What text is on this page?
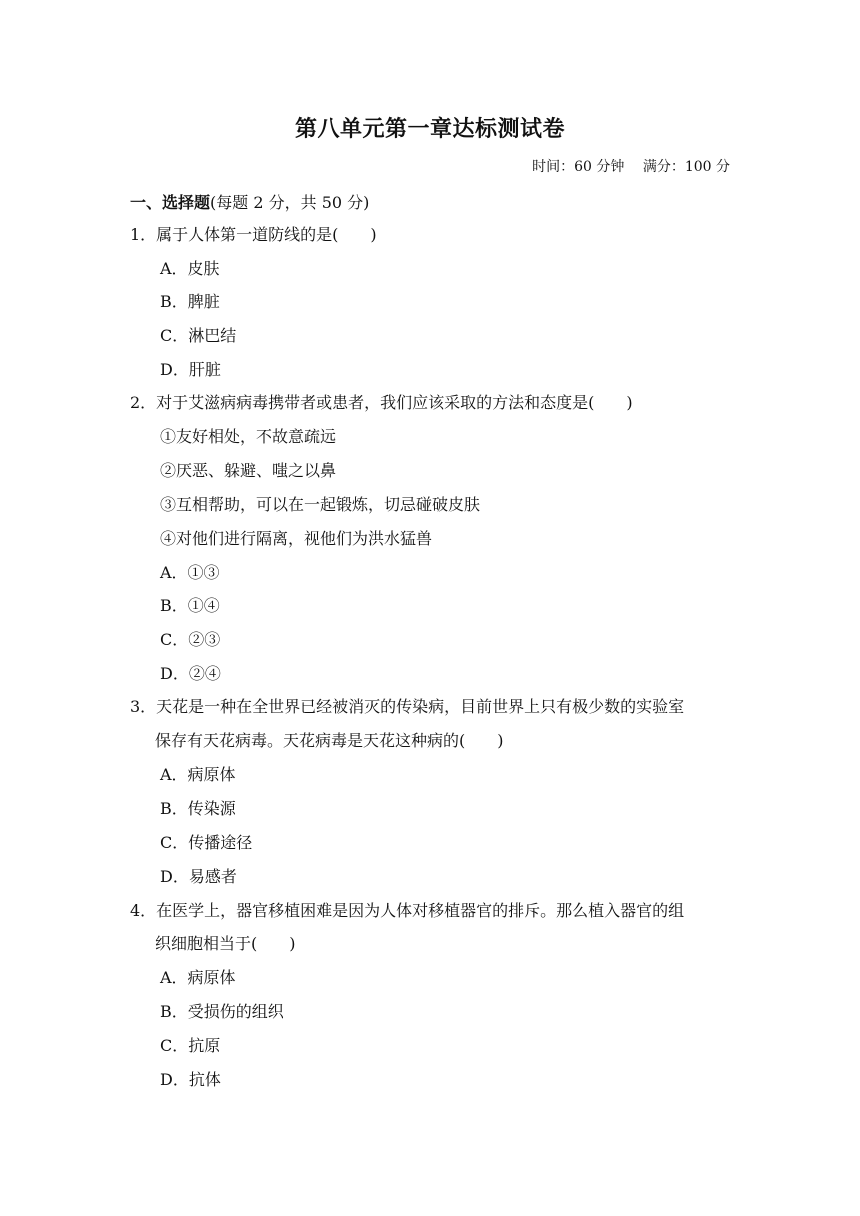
第八单元第一章达标测试卷
时间：60 分钟 满分：100 分
一、选择题(每题 2 分，共 50 分)
1．属于人体第一道防线的是(　　)
A．皮肤
B．脾脏
C．淋巴结
D．肝脏
2．对于艾滋病病毒携带者或患者，我们应该采取的方法和态度是(　　)
①友好相处，不故意疏远
②厌恶、躲避、嗤之以鼻
③互相帮助，可以在一起锻炼，切忌碰破皮肤
④对他们进行隔离，视他们为洪水猛兽
A．①③
B．①④
C．②③
D．②④
3．天花是一种在全世界已经被消灭的传染病，目前世界上只有极少数的实验室
保存有天花病毒。天花病毒是天花这种病的(　　)
A．病原体
B．传染源
C．传播途径
D．易感者
4．在医学上，器官移植困难是因为人体对移植器官的排斥。那么植入器官的组
织细胞相当于(　　)
A．病原体
B．受损伤的组织
C．抗原
D．抗体
